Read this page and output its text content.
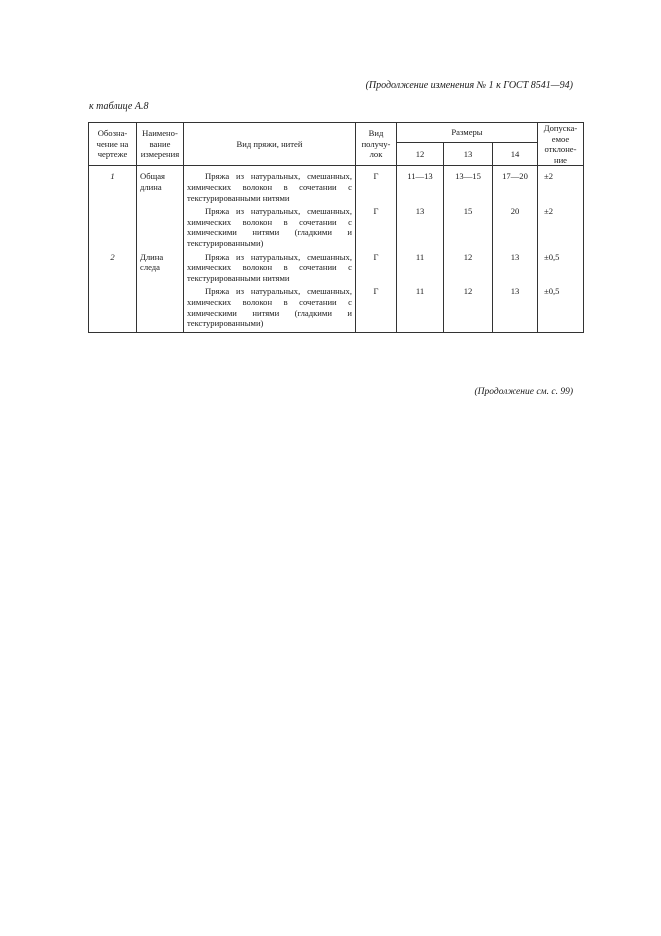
(Продолжение изменения № 1 к ГОСТ 8541—94)
к таблице А.8
Обозна-чение на чертеже	Наимено-вание измерения	Вид пряжи, нитей	Вид получу-лок	Размеры			Допуска-емое отклоне-ние
				12	13	14	
1	Общая длина	Пряжа из натуральных, смешанных, химических волокон в сочетании с текстурированными нитями	Г	11—13	13—15	17—20	±2
		Пряжа из натуральных, смешанных, химических волокон в сочетании с химическими нитями (гладкими и текстурированными)	Г	13	15	20	±2
2	Длина следа	Пряжа из натуральных, смешанных, химических волокон в сочетании с текстурированными нитями	Г	11	12	13	±0,5
		Пряжа из натуральных, смешанных, химических волокон в сочетании с химическими нитями (гладкими и текстурированными)	Г	11	12	13	±0,5

(Продолжение см. с. 99)
